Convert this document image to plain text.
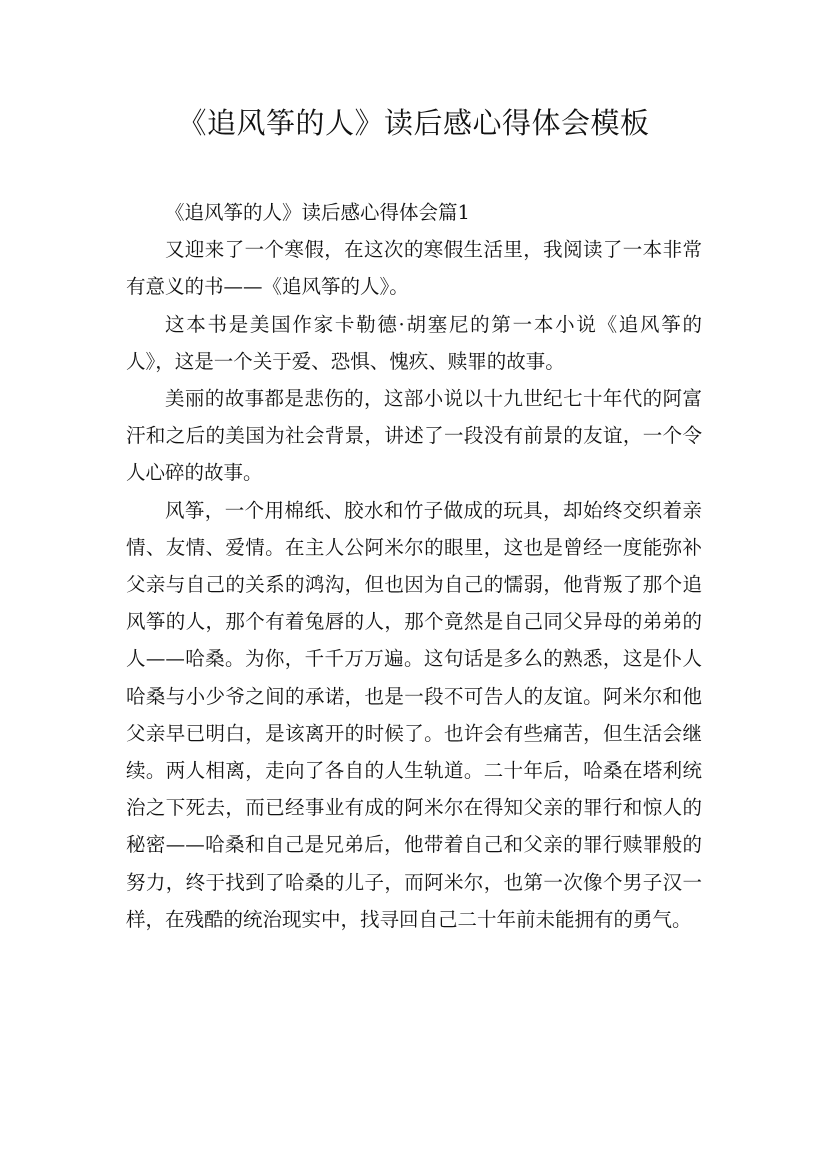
《追风筝的人》读后感心得体会模板

《追风筝的人》读后感心得体会篇1

又迎来了一个寒假，在这次的寒假生活里，我阅读了一本非常有意义的书——《追风筝的人》。

这本书是美国作家卡勒德·胡塞尼的第一本小说《追风筝的人》，这是一个关于爱、恐惧、愧疚、赎罪的故事。

美丽的故事都是悲伤的，这部小说以十九世纪七十年代的阿富汗和之后的美国为社会背景，讲述了一段没有前景的友谊，一个令人心碎的故事。

风筝，一个用棉纸、胶水和竹子做成的玩具，却始终交织着亲情、友情、爱情。在主人公阿米尔的眼里，这也是曾经一度能弥补父亲与自己的关系的鸿沟，但也因为自己的懦弱，他背叛了那个追风筝的人，那个有着兔唇的人，那个竟然是自己同父异母的弟弟的人——哈桑。为你，千千万万遍。这句话是多么的熟悉，这是仆人哈桑与小少爷之间的承诺，也是一段不可告人的友谊。阿米尔和他父亲早已明白，是该离开的时候了。也许会有些痛苦，但生活会继续。两人相离，走向了各自的人生轨道。二十年后，哈桑在塔利统治之下死去，而已经事业有成的阿米尔在得知父亲的罪行和惊人的秘密——哈桑和自己是兄弟后，他带着自己和父亲的罪行赎罪般的努力，终于找到了哈桑的儿子，而阿米尔，也第一次像个男子汉一样，在残酷的统治现实中，找寻回自己二十年前未能拥有的勇气。
